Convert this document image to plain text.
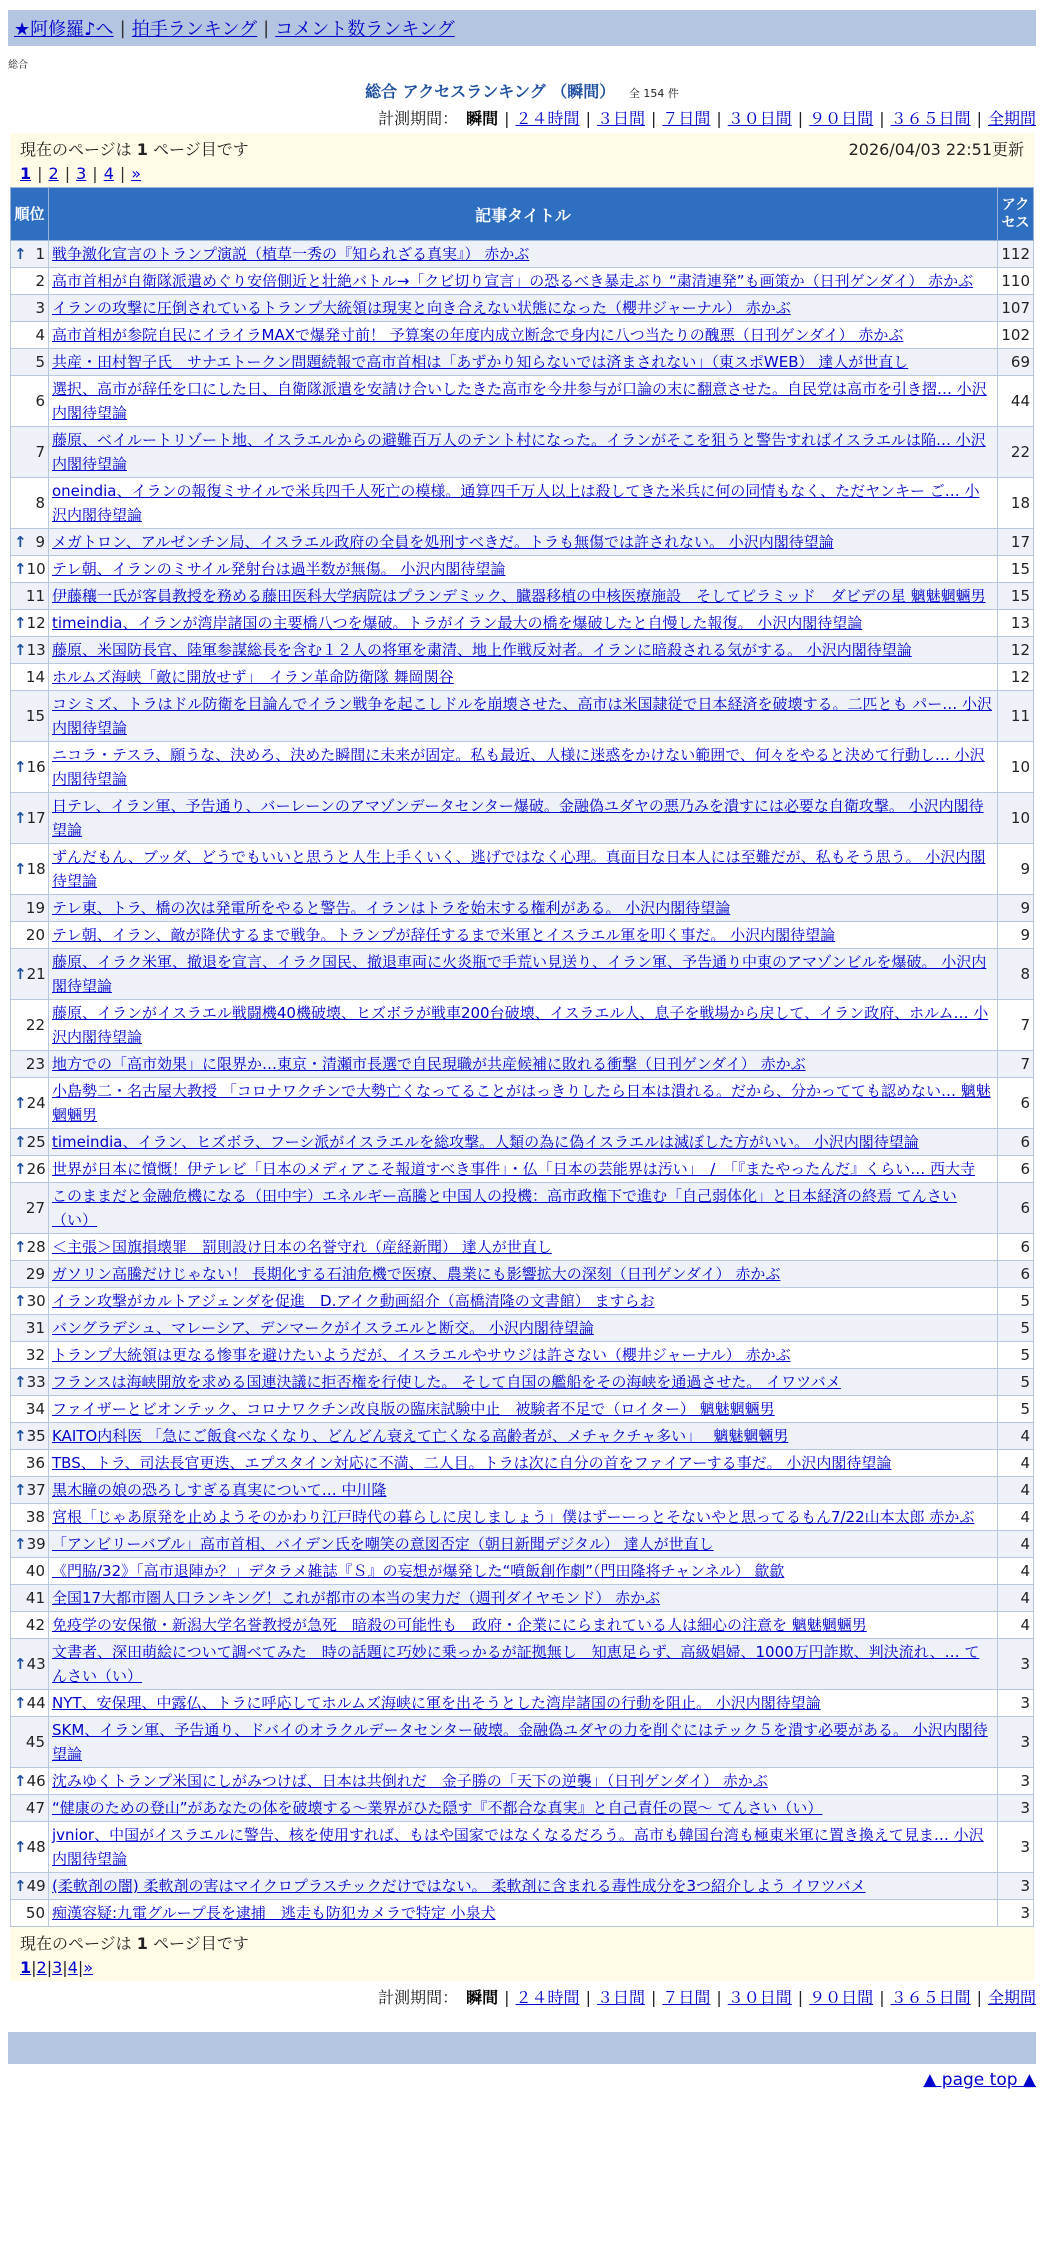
★阿修羅♪へ | 拍手ランキング | コメント数ランキング
総合
総合 アクセスランキング （瞬間） 全 154 件
計測期間： 瞬間 | ２４時間 | ３日間 | ７日間 | ３０日間 | ９０日間 | ３６５日間 | 全期間
現在のページは 1 ページ目です	2026/04/03 22:51更新
1 | 2 | 3 | 4 | »
順位	記事タイトル	アクセス

↑ 1	戦争激化宣言のトランプ演説（植草一秀の『知られざる真実』） 赤かぶ	112
2	高市首相が自衛隊派遣めぐり安倍側近と壮絶バトル→「クビ切り宣言」の恐るべき暴走ぶり “粛清連発”も画策か（日刊ゲンダイ） 赤かぶ	110
3	イランの攻撃に圧倒されているトランプ大統領は現実と向き合えない状態になった（櫻井ジャーナル） 赤かぶ	107
4	高市首相が参院自民にイライラMAXで爆発寸前！ 予算案の年度内成立断念で身内に八つ当たりの醜悪（日刊ゲンダイ） 赤かぶ	102
5	共産・田村智子氏　サナエトークン問題続報で高市首相は「あずかり知らないでは済まされない」（東スポWEB） 達人が世直し	69
6	選択、高市が辞任を口にした日、自衛隊派遣を安請け合いしたきた高市を今井参与が口論の末に翻意させた。自民党は高市を引き摺… 小沢内閣待望論	44
7	藤原、ベイルートリゾート地、イスラエルからの避難百万人のテント村になった。イランがそこを狙うと警告すればイスラエルは陥… 小沢内閣待望論	22
8	oneindia、イランの報復ミサイルで米兵四千人死亡の模様。通算四千万人以上は殺してきた米兵に何の同情もなく、ただヤンキー ご… 小沢内閣待望論	18

↑ 9	メガトロン、アルゼンチン局、イスラエル政府の全員を処刑すべきだ。トラも無傷では許されない。 小沢内閣待望論	17

↑ 10	テレ朝、イランのミサイル発射台は過半数が無傷。 小沢内閣待望論	15
11	伊藤穰一氏が客員教授を務める藤田医科大学病院はプランデミック、臓器移植の中核医療施設　そしてピラミッド　ダビデの星 魑魅魍魎男	15

↑ 12	timeindia、イランが湾岸諸国の主要橋八つを爆破。トラがイラン最大の橋を爆破したと自慢した報復。 小沢内閣待望論	13

↑ 13	藤原、米国防長官、陸軍参謀総長を含む１２人の将軍を粛清、地上作戦反対者。イランに暗殺される気がする。 小沢内閣待望論	12
14	ホルムズ海峡「敵に開放せず」　イラン革命防衛隊 舞岡関谷	12
15	コシミズ、トラはドル防衛を目論んでイラン戦争を起こしドルを崩壊させた、高市は米国隷従で日本経済を破壊する。二匹とも パー… 小沢内閣待望論	11

↑ 16	ニコラ・テスラ、願うな、決めろ、決めた瞬間に未来が固定。私も最近、人様に迷惑をかけない範囲で、何々をやると決めて行動し… 小沢内閣待望論	10

↑ 17	日テレ、イラン軍、予告通り、バーレーンのアマゾンデータセンター爆破。金融偽ユダヤの悪乃みを潰すには必要な自衛攻撃。 小沢内閣待望論	10

↑ 18	ずんだもん、ブッダ、どうでもいいと思うと人生上手くいく、逃げではなく心理。真面目な日本人には至難だが、私もそう思う。 小沢内閣待望論	9
19	テレ東、トラ、橋の次は発電所をやると警告。イランはトラを始末する権利がある。 小沢内閣待望論	9
20	テレ朝、イラン、敵が降伏するまで戦争。トランプが辞任するまで米軍とイスラエル軍を叩く事だ。 小沢内閣待望論	9

↑ 21	藤原、イラク米軍、撤退を宣言、イラク国民、撤退車両に火炎瓶で手荒い見送り、イラン軍、予告通り中東のアマゾンビルを爆破。 小沢内閣待望論	8
22	藤原、イランがイスラエル戦闘機40機破壊、ヒズボラが戦車200台破壊、イスラエル人、息子を戦場から戻して、イラン政府、ホルム… 小沢内閣待望論	7
23	地方での「高市効果」に限界か…東京・清瀬市長選で自民現職が共産候補に敗れる衝撃（日刊ゲンダイ） 赤かぶ	7

↑ 24	小島勢二・名古屋大教授 「コロナワクチンで大勢亡くなってることがはっきりしたら日本は潰れる。だから、分かってても認めない… 魑魅魍魎男	6

↑ 25	timeindia、イラン、ヒズボラ、フーシ派がイスラエルを総攻撃。人類の為に偽イスラエルは滅ぼした方がいい。 小沢内閣待望論	6

↑ 26	世界が日本に憤慨！伊テレビ「日本のメディアこそ報道すべき事件」・仏「日本の芸能界は汚い」　/　「『またやったんだ』くらい… 西大寺	6
27	このままだと金融危機になる（田中宇）エネルギー高騰と中国人の投機：高市政権下で進む「自己弱体化」と日本経済の終焉 てんさい（い）	6

↑ 28	＜主張＞国旗損壊罪　罰則設け日本の名誉守れ（産経新聞） 達人が世直し	6
29	ガソリン高騰だけじゃない！ 長期化する石油危機で医療、農業にも影響拡大の深刻（日刊ゲンダイ） 赤かぶ	6

↑ 30	イラン攻撃がカルトアジェンダを促進　D.アイク動画紹介（高橋清隆の文書館） ますらお	5
31	バングラデシュ、マレーシア、デンマークがイスラエルと断交。 小沢内閣待望論	5
32	トランプ大統領は更なる惨事を避けたいようだが、イスラエルやサウジは許さない（櫻井ジャーナル） 赤かぶ	5

↑ 33	フランスは海峡開放を求める国連決議に拒否権を行使した。 そして自国の艦船をその海峡を通過させた。 イワツバメ	5
34	ファイザーとビオンテック、コロナワクチン改良版の臨床試験中止　被験者不足で（ロイター） 魑魅魍魎男	5

↑ 35	KAITO内科医 「急にご飯食べなくなり、どんどん衰えて亡くなる高齢者が、メチャクチャ多い」　 魑魅魍魎男	4
36	TBS、トラ、司法長官更迭、エプスタイン対応に不満、二人目。トラは次に自分の首をファイアーする事だ。 小沢内閣待望論	4

↑ 37	黒木瞳の娘の恐ろしすぎる真実について… 中川隆	4
38	宮根「じゃあ原発を止めようそのかわり江戸時代の暮らしに戻しましょう」僕はずーーっとそないやと思ってるもん7/22山本太郎 赤かぶ	4

↑ 39	「アンビリーバブル」高市首相、バイデン氏を嘲笑の意図否定（朝日新聞デジタル） 達人が世直し	4
40	《門脇/32》「高市退陣か？」デタラメ雑誌『Ｓ』の妄想が爆発した“噴飯創作劇”（門田隆将チャンネル） 歙歙	4
41	全国17大都市圏人口ランキング！これが都市の本当の実力だ（週刊ダイヤモンド） 赤かぶ	4
42	免疫学の安保徹・新潟大学名誉教授が急死　暗殺の可能性も　政府・企業ににらまれている人は細心の注意を 魑魅魍魎男	4

↑ 43	文書者、深田萌絵について調べてみた　時の話題に巧妙に乗っかるが証拠無し　知恵足らず、高級娼婦、1000万円詐欺、判決流れ、… てんさい（い）	3

↑ 44	NYT、安保理、中露仏、トラに呼応してホルムズ海峡に軍を出そうとした湾岸諸国の行動を阻止。 小沢内閣待望論	3
45	SKM、イラン軍、予告通り、ドバイのオラクルデータセンター破壊。金融偽ユダヤの力を削ぐにはテック５を潰す必要がある。 小沢内閣待望論	3

↑ 46	沈みゆくトランプ米国にしがみつけば、日本は共倒れだ　金子勝の「天下の逆襲」（日刊ゲンダイ） 赤かぶ	3
47	“健康のための登山”があなたの体を破壊する〜業界がひた隠す『不都合な真実』と自己責任の罠〜 てんさい（い）	3

↑ 48	jvnior、中国がイスラエルに警告、核を使用すれば、もはや国家ではなくなるだろう。高市も韓国台湾も極東米軍に置き換えて見ま… 小沢内閣待望論	3

↑ 49	(柔軟剤の闇) 柔軟剤の害はマイクロプラスチックだけではない。 柔軟剤に含まれる毒性成分を3つ紹介しよう イワツバメ	3
50	痴漢容疑:九電グループ長を逮捕　逃走も防犯カメラで特定 小泉犬	3
現在のページは 1 ページ目です
1|2|3|4|»
計測期間： 瞬間 | ２４時間 | ３日間 | ７日間 | ３０日間 | ９０日間 | ３６５日間 | 全期間
▲ page top ▲
